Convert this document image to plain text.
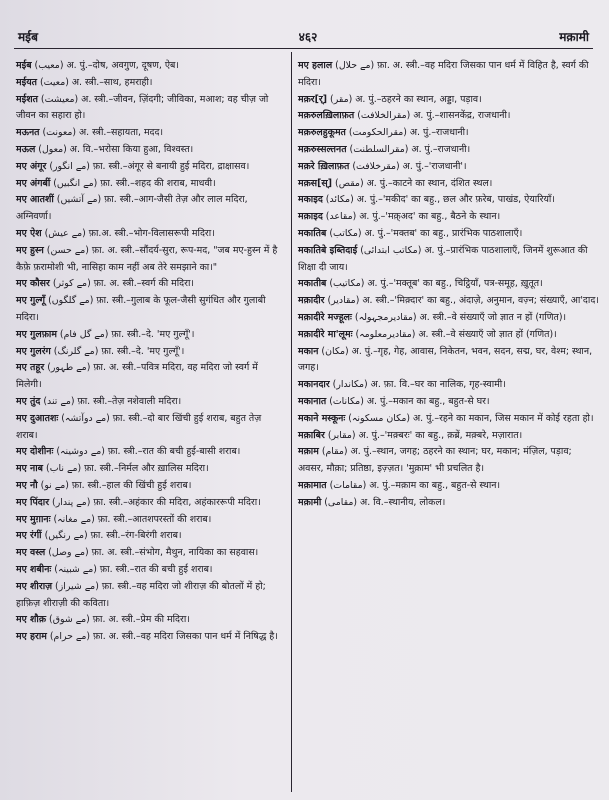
मईब	४६२	मक़ामी

मईब (معیب) अ. पुं.–दोष, अवगुण, दूषण, ऐब।

मईयत (معیت) अ. स्त्री.–साथ, हमराही।

मईशत (معیشت) अ. स्त्री.–जीवन, ज़िंदगी; जीविका, मआश; वह चीज़ जो जीवन का सहारा हो।

मऊनत (معونت) अ. स्त्री.–सहायता, मदद।

मऊल (معول) अ. वि.–भरोसा किया हुआ, विश्वस्त।

मए अंगूर (مے انگور) फ़ा. स्त्री.–अंगूर से बनायी हुई मदिरा, द्राक्षासव।

मए अंगबीं (مے انگبیں) फ़ा. स्त्री.–शहद की शराब, माधवी।

मए आतशीं (مے آتشیں) फ़ा. स्त्री.–आग-जैसी तेज़ और लाल मदिरा, अग्निवर्णा।

मए ऐश (مے عیش) फ़ा.अ. स्त्री.–भोग-विलासरूपी मदिरा।

मए हुस्न (مے حسن) फ़ा. अ. स्त्री.–सौंदर्य-सुरा, रूप-मद, "जब मए-हुस्न में है कैफ़े फ़रामोशी भी, नासिहा काम नहीं अब तेरे समझाने का।"

मए कौसर (مے کوثر) फ़ा. अ. स्त्री.–स्वर्ग की मदिरा।

मए गुल्गूँ (مے گلگوں) फ़ा. स्त्री.–गुलाब के फूल-जैसी सुगंधित और गुलाबी मदिरा।

मए गुलफ़ाम (مے گل فام) फ़ा. स्त्री.–दे. 'मए गुल्गूँ'।

मए गुलरंग (مے گلرنگ) फ़ा. स्त्री.–दे. 'मए गुल्गूँ'।

मए तहूर (مے طہور) फ़ा. अ. स्त्री.–पवित्र मदिरा, वह मदिरा जो स्वर्ग में मिलेगी।

मए तुंद (مے تند) फ़ा. स्त्री.–तेज़ नशेवाली मदिरा।

मए दुआतशः (مے دوآتشہ) फ़ा. स्त्री.–दो बार खिंची हुई शराब, बहुत तेज़ शराब।

मए दोशीनः (مے دوشینہ) फ़ा. स्त्री.–रात की बची हुई-बासी शराब।

मए नाब (مے ناب) फ़ा. स्त्री.–निर्मल और ख़ालिस मदिरा।

मए नौ (مے نو) फ़ा. स्त्री.–हाल की खिंची हुई शराब।

मए पिंदार (مے پندار) फ़ा. स्त्री.–अहंकार की मदिरा, अहंकाररूपी मदिरा।

मए मुग़ानः (مے مغانہ) फ़ा. स्त्री.–आतशपरस्तों की शराब।

मए रंगीं (مے رنگیں) फ़ा. स्त्री.–रंग-बिरंगी शराब।

मए वस्ल (مے وصل) फ़ा. अ. स्त्री.–संभोग, मैथुन, नायिका का सहवास।

मए शबीनः (مے شبینہ) फ़ा. स्त्री.–रात की बची हुई शराब।

मए शीराज़ (مے شیراز) फ़ा. स्त्री.–वह मदिरा जो शीराज़ की बोतलों में हो; हाफ़िज़ शीराज़ी की कविता।

मए शौक़ (مے شوق) फ़ा. अ. स्त्री.–प्रेम की मदिरा।

मए हराम (مے حرام) फ़ा. अ. स्त्री.–वह मदिरा जिसका पान धर्म में निषिद्ध है।

मए हलाल (مے حلال) फ़ा. अ. स्त्री.–वह मदिरा जिसका पान धर्म में विहित है, स्वर्ग की मदिरा।

मक़र[र्] (مقر) अ. पुं.–ठहरने का स्थान, अड्डा, पड़ाव।

मक़रुलख़िलाफ़त (مقرالخلافت) अ. पुं.–शासनकेंद्र, राजधानी।

मक़रुलहुकूमत (مقرالحکومت) अ. पुं.–राजधानी।

मक़रुस्सल्तनत (مقرالسلطنت) अ. पुं.–राजधानी।

मक़रे ख़िलाफ़त (مقرخلافت) अ. पुं.–'राजधानी'।

मक़स[स्] (مقص) अ. पुं.–काटने का स्थान, दंशित स्थल।

मकाइद (مکائد) अ. पुं.–'मकीद' का बहु., छल और फ़रेब, पाखंड, ऐयारियाँ।

मक़ाइद (مقاعد) अ. पुं.–'मक़्अद' का बहु., बैठने के स्थान।

मकातिब (مکاتب) अ. पुं.–'मक्तब' का बहु., प्रारंभिक पाठशालाएँ।

मकातिबे इब्तिदाई (مکاتب ابتدائی) अ. पुं.–प्रारंभिक पाठशालाएँ, जिनमें शुरूआत की शिक्षा दी जाय।

मकातीब (مکاتیب) अ. पुं.–'मक्तूब' का बहु., चिट्ठियाँ, पत्र-समूह, ख़ुतूत।

मक़ादीर (مقادیر) अ. स्त्री.–'मिक़्दार' का बहु., अंदाज़े, अनुमान, वज़्न; संख्याएँ, आ'दाद।

मक़ादीरे मज्हूलः (مقادیرمجہولہ) अ. स्त्री.–वे संख्याएँ जो ज्ञात न हों (गणित)।

मक़ादीरे मा'लूमः (مقادیرمعلومہ) अ. स्त्री.–वे संख्याएँ जो ज्ञात हों (गणित)।

मकान (مکان) अ. पुं.–गृह, गेह, आवास, निकेतन, भवन, सदन, सद्म, घर, वेश्म; स्थान, जगह।

मकानदार (مکاندار) अ. फ़ा. वि.–घर का नालिक, गृह-स्वामी।

मकानात (مکانات) अ. पुं.–मकान का बहु., बहुत-से घर।

मकाने मस्कूनः (مکان مسکونہ) अ. पुं.–रहने का मकान, जिस मकान में कोई रहता हो।

मक़ाबिर (مقابر) अ. पुं.–'मक़्बरः' का बहु., क़ब्रें, मक़्बरे, मज़ारात।

मक़ाम (مقام) अ. पुं.–स्थान, जगह; ठहरने का स्थान; घर, मकान; मंज़िल, पड़ाव; अवसर, मौक़ा; प्रतिष्ठा, इज़्ज़त। 'मुक़ाम' भी प्रचलित है।

मक़ामात (مقامات) अ. पुं.–मक़ाम का बहु., बहुत-से स्थान।

मक़ामी (مقامی) अ. वि.–स्थानीय, लोकल।
